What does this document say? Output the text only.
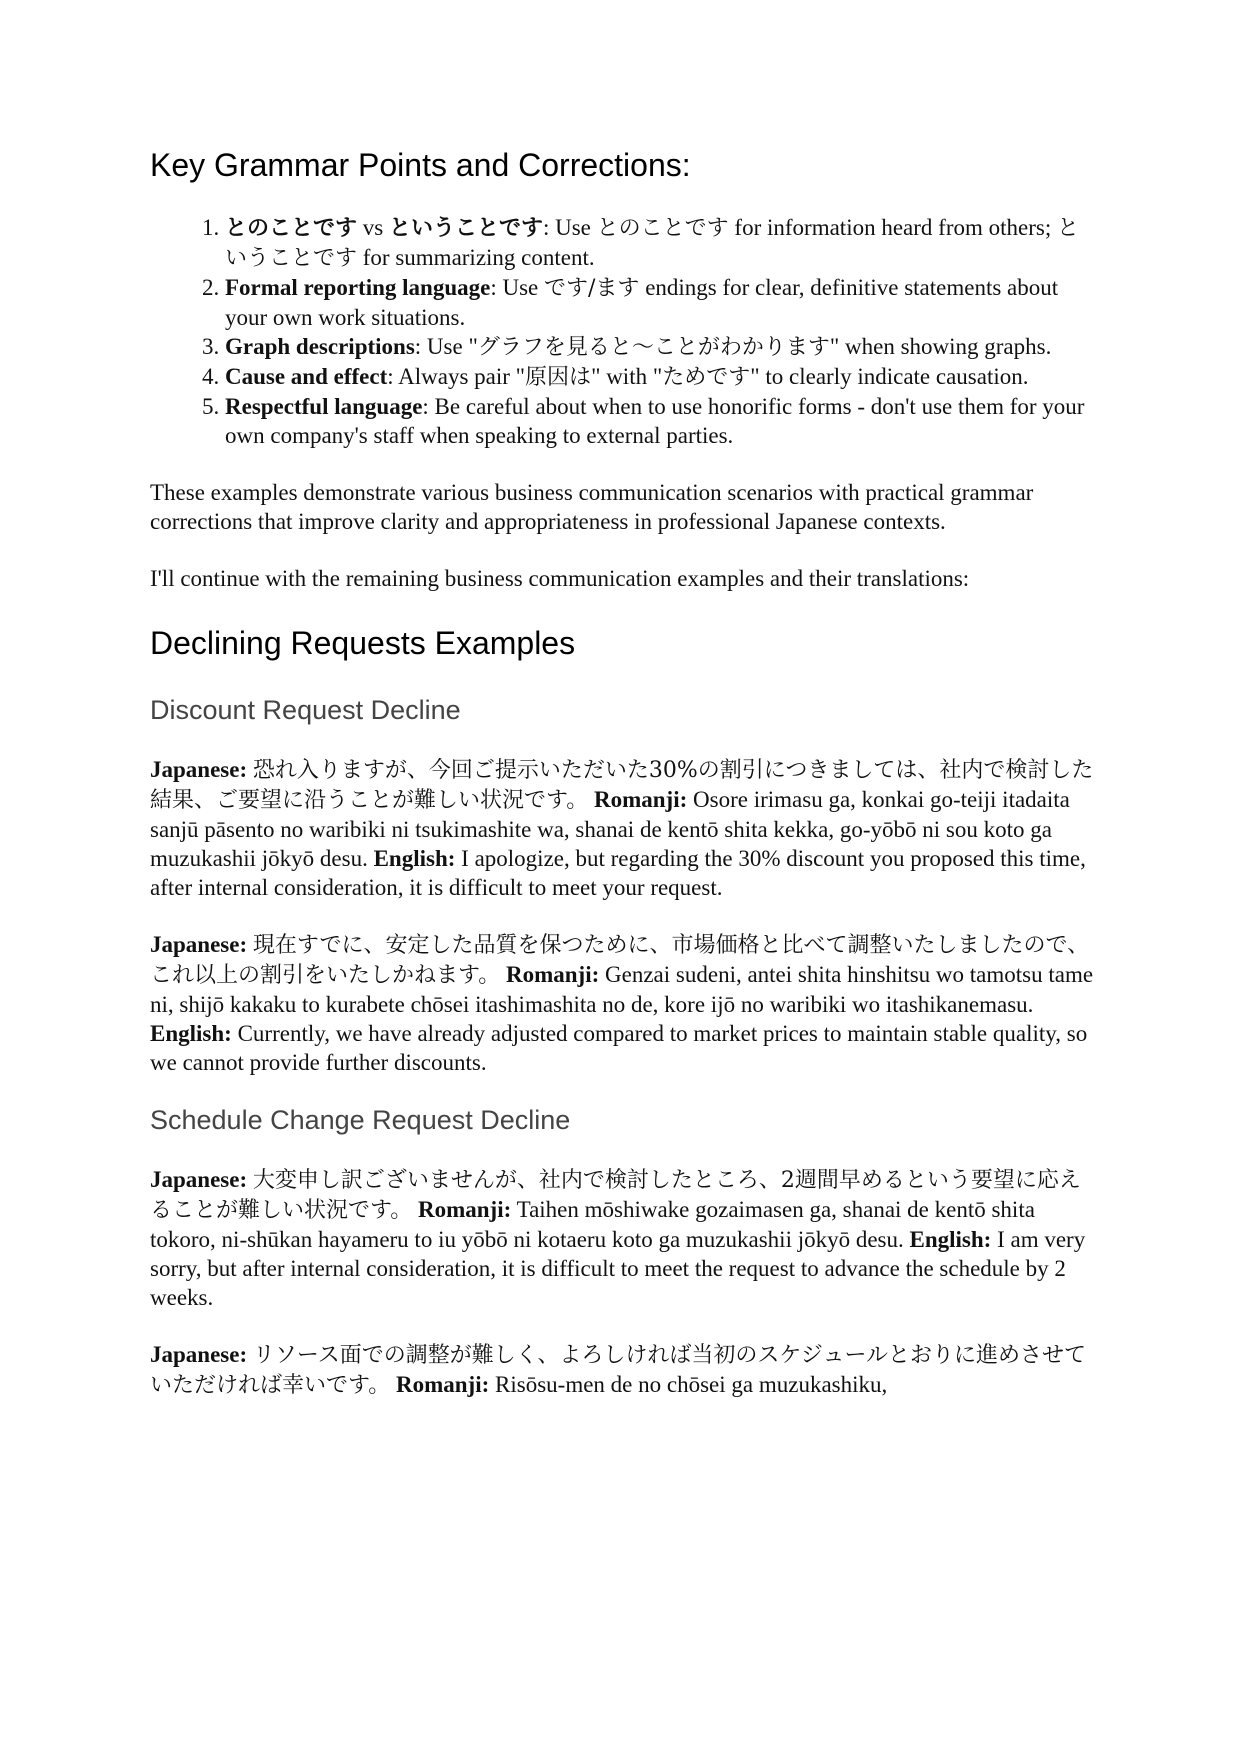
Key Grammar Points and Corrections:
1. とのことです vs ということです: Use とのことです for information heard from others; ということです for summarizing content.
2. Formal reporting language: Use です/ます endings for clear, definitive statements about your own work situations.
3. Graph descriptions: Use "グラフを見ると〜ことがわかります" when showing graphs.
4. Cause and effect: Always pair "原因は" with "ためです" to clearly indicate causation.
5. Respectful language: Be careful about when to use honorific forms - don't use them for your own company's staff when speaking to external parties.

These examples demonstrate various business communication scenarios with practical grammar corrections that improve clarity and appropriateness in professional Japanese contexts.

I'll continue with the remaining business communication examples and their translations:

Declining Requests Examples
Discount Request Decline

Japanese: 恐れ入りますが、今回ご提示いただいた30%の割引につきましては、社内で検討した結果、ご要望に沿うことが難しい状況です。 Romanji: Osore irimasu ga, konkai go-teiji itadaita sanjū pāsento no waribiki ni tsukimashite wa, shanai de kentō shita kekka, go-yōbō ni sou koto ga muzukashii jōkyō desu. English: I apologize, but regarding the 30% discount you proposed this time, after internal consideration, it is difficult to meet your request.

Japanese: 現在すでに、安定した品質を保つために、市場価格と比べて調整いたしましたので、これ以上の割引をいたしかねます。 Romanji: Genzai sudeni, antei shita hinshitsu wo tamotsu tame ni, shijō kakaku to kurabete chōsei itashimashita no de, kore ijō no waribiki wo itashikanemasu. English: Currently, we have already adjusted compared to market prices to maintain stable quality, so we cannot provide further discounts.

Schedule Change Request Decline

Japanese: 大変申し訳ございませんが、社内で検討したところ、2週間早めるという要望に応えることが難しい状況です。 Romanji: Taihen mōshiwake gozaimasen ga, shanai de kentō shita tokoro, ni-shūkan hayameru to iu yōbō ni kotaeru koto ga muzukashii jōkyō desu. English: I am very sorry, but after internal consideration, it is difficult to meet the request to advance the schedule by 2 weeks.

Japanese: リソース面での調整が難しく、よろしければ当初のスケジュールとおりに進めさせていただければ幸いです。 Romanji: Risōsu-men de no chōsei ga muzukashiku,
